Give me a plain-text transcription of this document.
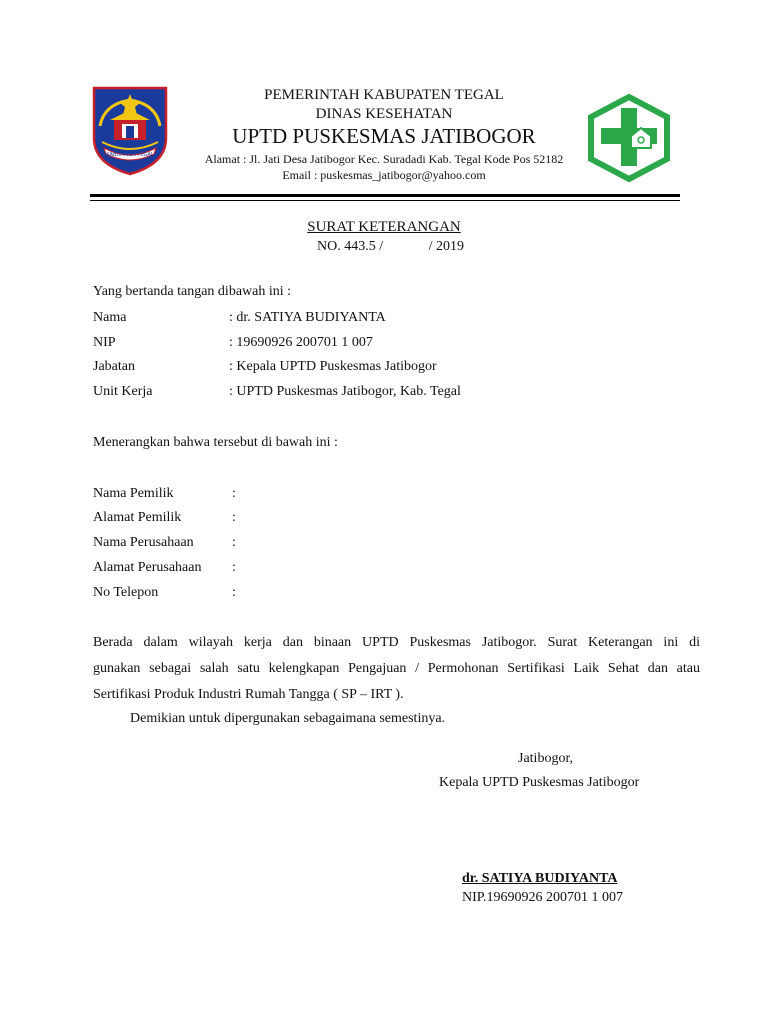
KABUPATEN TEGAL
PEMERINTAH KABUPATEN TEGAL
DINAS KESEHATAN
UPTD PUSKESMAS JATIBOGOR
Alamat : Jl. Jati Desa Jatibogor Kec. Suradadi Kab. Tegal Kode Pos 52182
Email : puskesmas_jatibogor@yahoo.com
SURAT KETERANGAN
NO. 443.5 /             / 2019
Yang bertanda tangan dibawah ini :
Nama	: dr. SATIYA BUDIYANTA
NIP	: 19690926 200701 1 007
Jabatan	: Kepala UPTD Puskesmas Jatibogor
Unit Kerja	: UPTD Puskesmas Jatibogor, Kab. Tegal
Menerangkan bahwa tersebut di bawah ini :
Nama Pemilik	:
Alamat Pemilik	:
Nama Perusahaan	:
Alamat Perusahaan :
No Telepon	:
Berada dalam wilayah kerja dan binaan UPTD Puskesmas Jatibogor. Surat Keterangan ini di
gunakan sebagai salah satu kelengkapan Pengajuan / Permohonan Sertifikasi Laik Sehat dan atau
Sertifikasi Produk Industri Rumah Tangga ( SP – IRT ).
Demikian untuk dipergunakan sebagaimana semestinya.
Jatibogor,
Kepala UPTD Puskesmas Jatibogor
dr. SATIYA BUDIYANTA
NIP.19690926 200701 1 007
